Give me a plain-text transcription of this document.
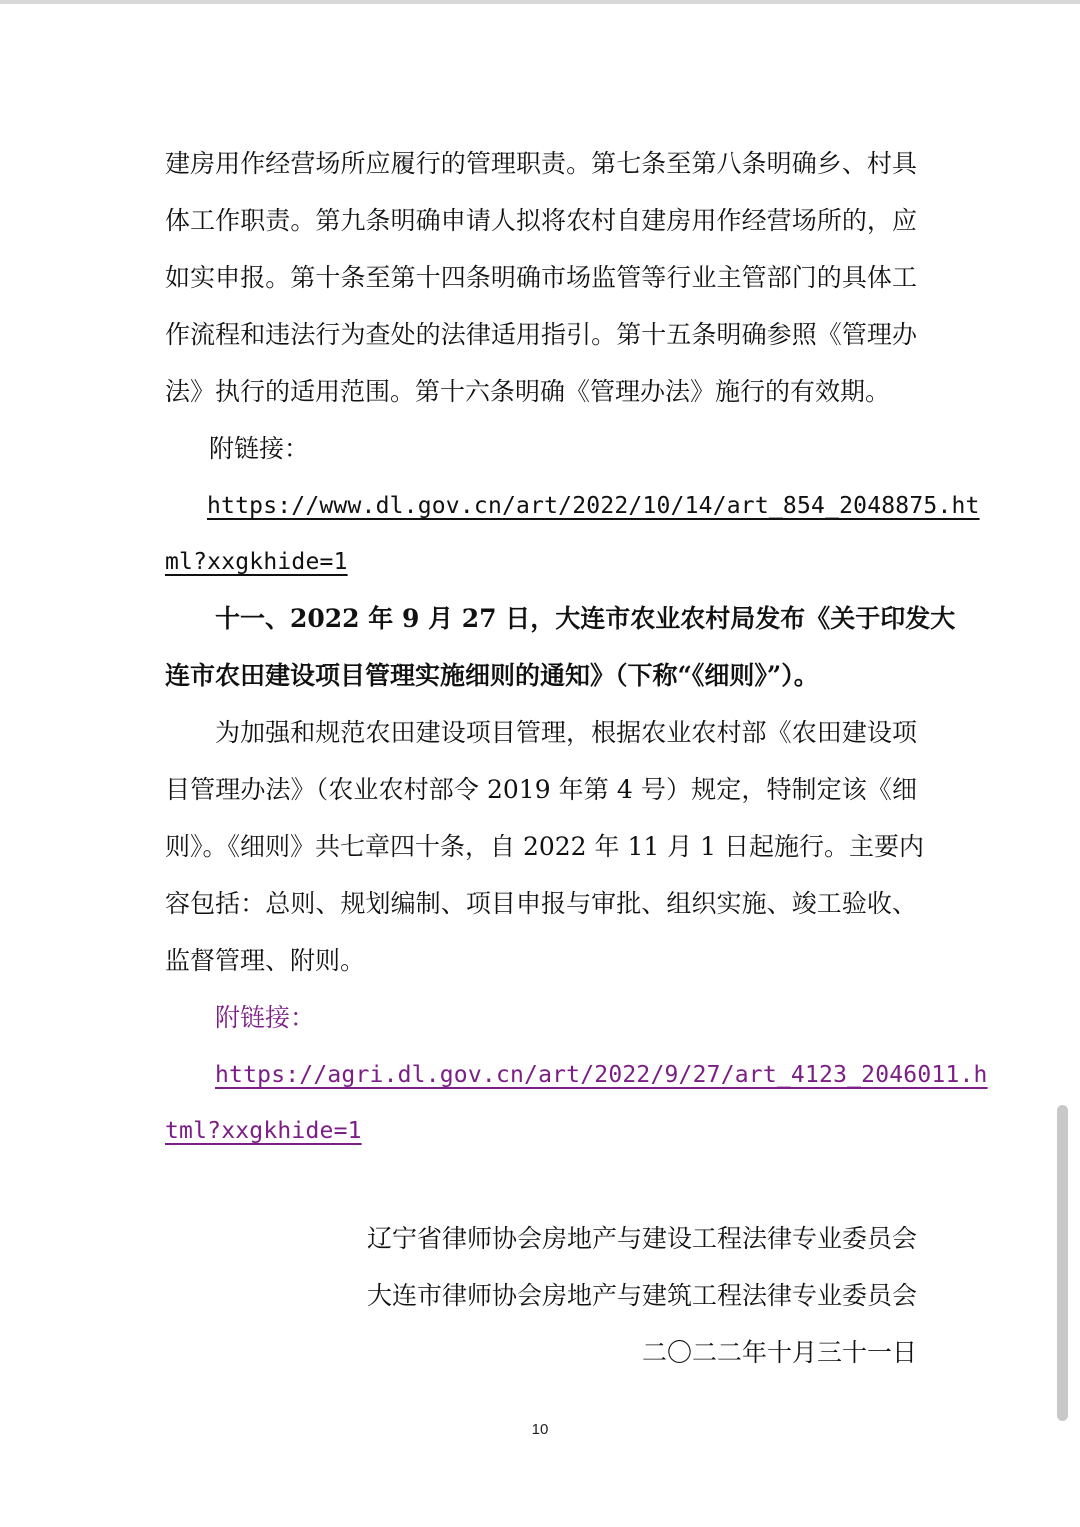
建房用作经营场所应履行的管理职责。第七条至第八条明确乡、村具
体工作职责。第九条明确申请人拟将农村自建房用作经营场所的，应
如实申报。第十条至第十四条明确市场监管等行业主管部门的具体工
作流程和违法行为查处的法律适用指引。第十五条明确参照《管理办
法》执行的适用范围。第十六条明确《管理办法》施行的有效期。
附链接：
https://www.dl.gov.cn/art/2022/10/14/art_854_2048875.ht
ml?xxgkhide=1
十一、2022 年 9 月 27 日，大连市农业农村局发布《关于印发大
连市农田建设项目管理实施细则的通知》（下称“《细则》”）。
为加强和规范农田建设项目管理，根据农业农村部《农田建设项
目管理办法》（农业农村部令 2019 年第 4 号）规定，特制定该《细
则》。《细则》共七章四十条，自 2022 年 11 月 1 日起施行。主要内
容包括：总则、规划编制、项目申报与审批、组织实施、竣工验收、
监督管理、附则。
附链接：
https://agri.dl.gov.cn/art/2022/9/27/art_4123_2046011.h
tml?xxgkhide=1
辽宁省律师协会房地产与建设工程法律专业委员会
大连市律师协会房地产与建筑工程法律专业委员会
二〇二二年十月三十一日
10
